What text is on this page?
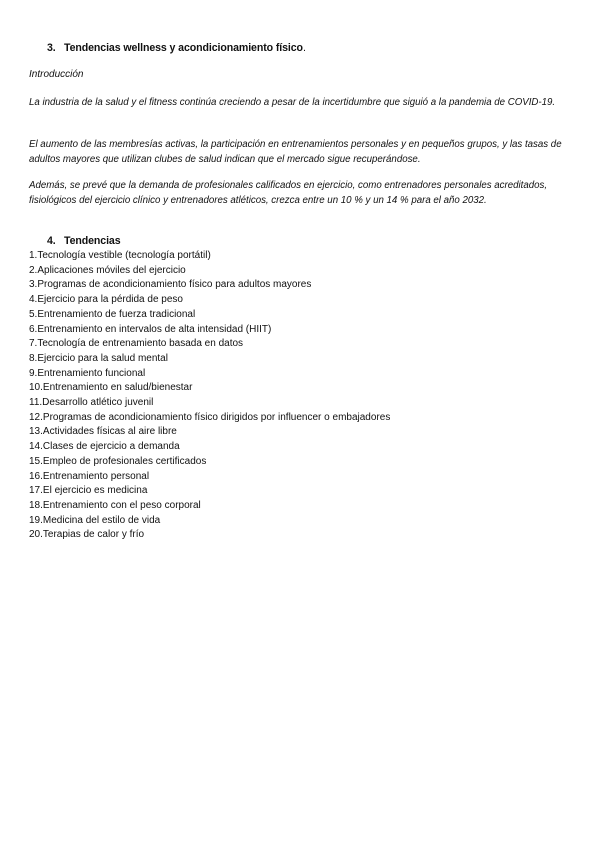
3. Tendencias wellness y acondicionamiento físico.
Introducción

La industria de la salud y el fitness continúa creciendo a pesar de la incertidumbre que siguió a la pandemia de COVID-19.

El aumento de las membresías activas, la participación en entrenamientos personales y en pequeños grupos, y las tasas de adultos mayores que utilizan clubes de salud indican que el mercado sigue recuperándose.

Además, se prevé que la demanda de profesionales calificados en ejercicio, como entrenadores personales acreditados, fisiológicos del ejercicio clínico y entrenadores atléticos, crezca entre un 10 % y un 14 % para el año 2032.

4. Tendencias
1.Tecnología vestible (tecnología portátil)
2.Aplicaciones móviles del ejercicio
3.Programas de acondicionamiento físico para adultos mayores
4.Ejercicio para la pérdida de peso
5.Entrenamiento de fuerza tradicional
6.Entrenamiento en intervalos de alta intensidad (HIIT)
7.Tecnología de entrenamiento basada en datos
8.Ejercicio para la salud mental
9.Entrenamiento funcional
10.Entrenamiento en salud/bienestar
11.Desarrollo atlético juvenil
12.Programas de acondicionamiento físico dirigidos por influencer o embajadores
13.Actividades físicas al aire libre
14.Clases de ejercicio a demanda
15.Empleo de profesionales certificados
16.Entrenamiento personal
17.El ejercicio es medicina
18.Entrenamiento con el peso corporal
19.Medicina del estilo de vida
20.Terapias de calor y frío
